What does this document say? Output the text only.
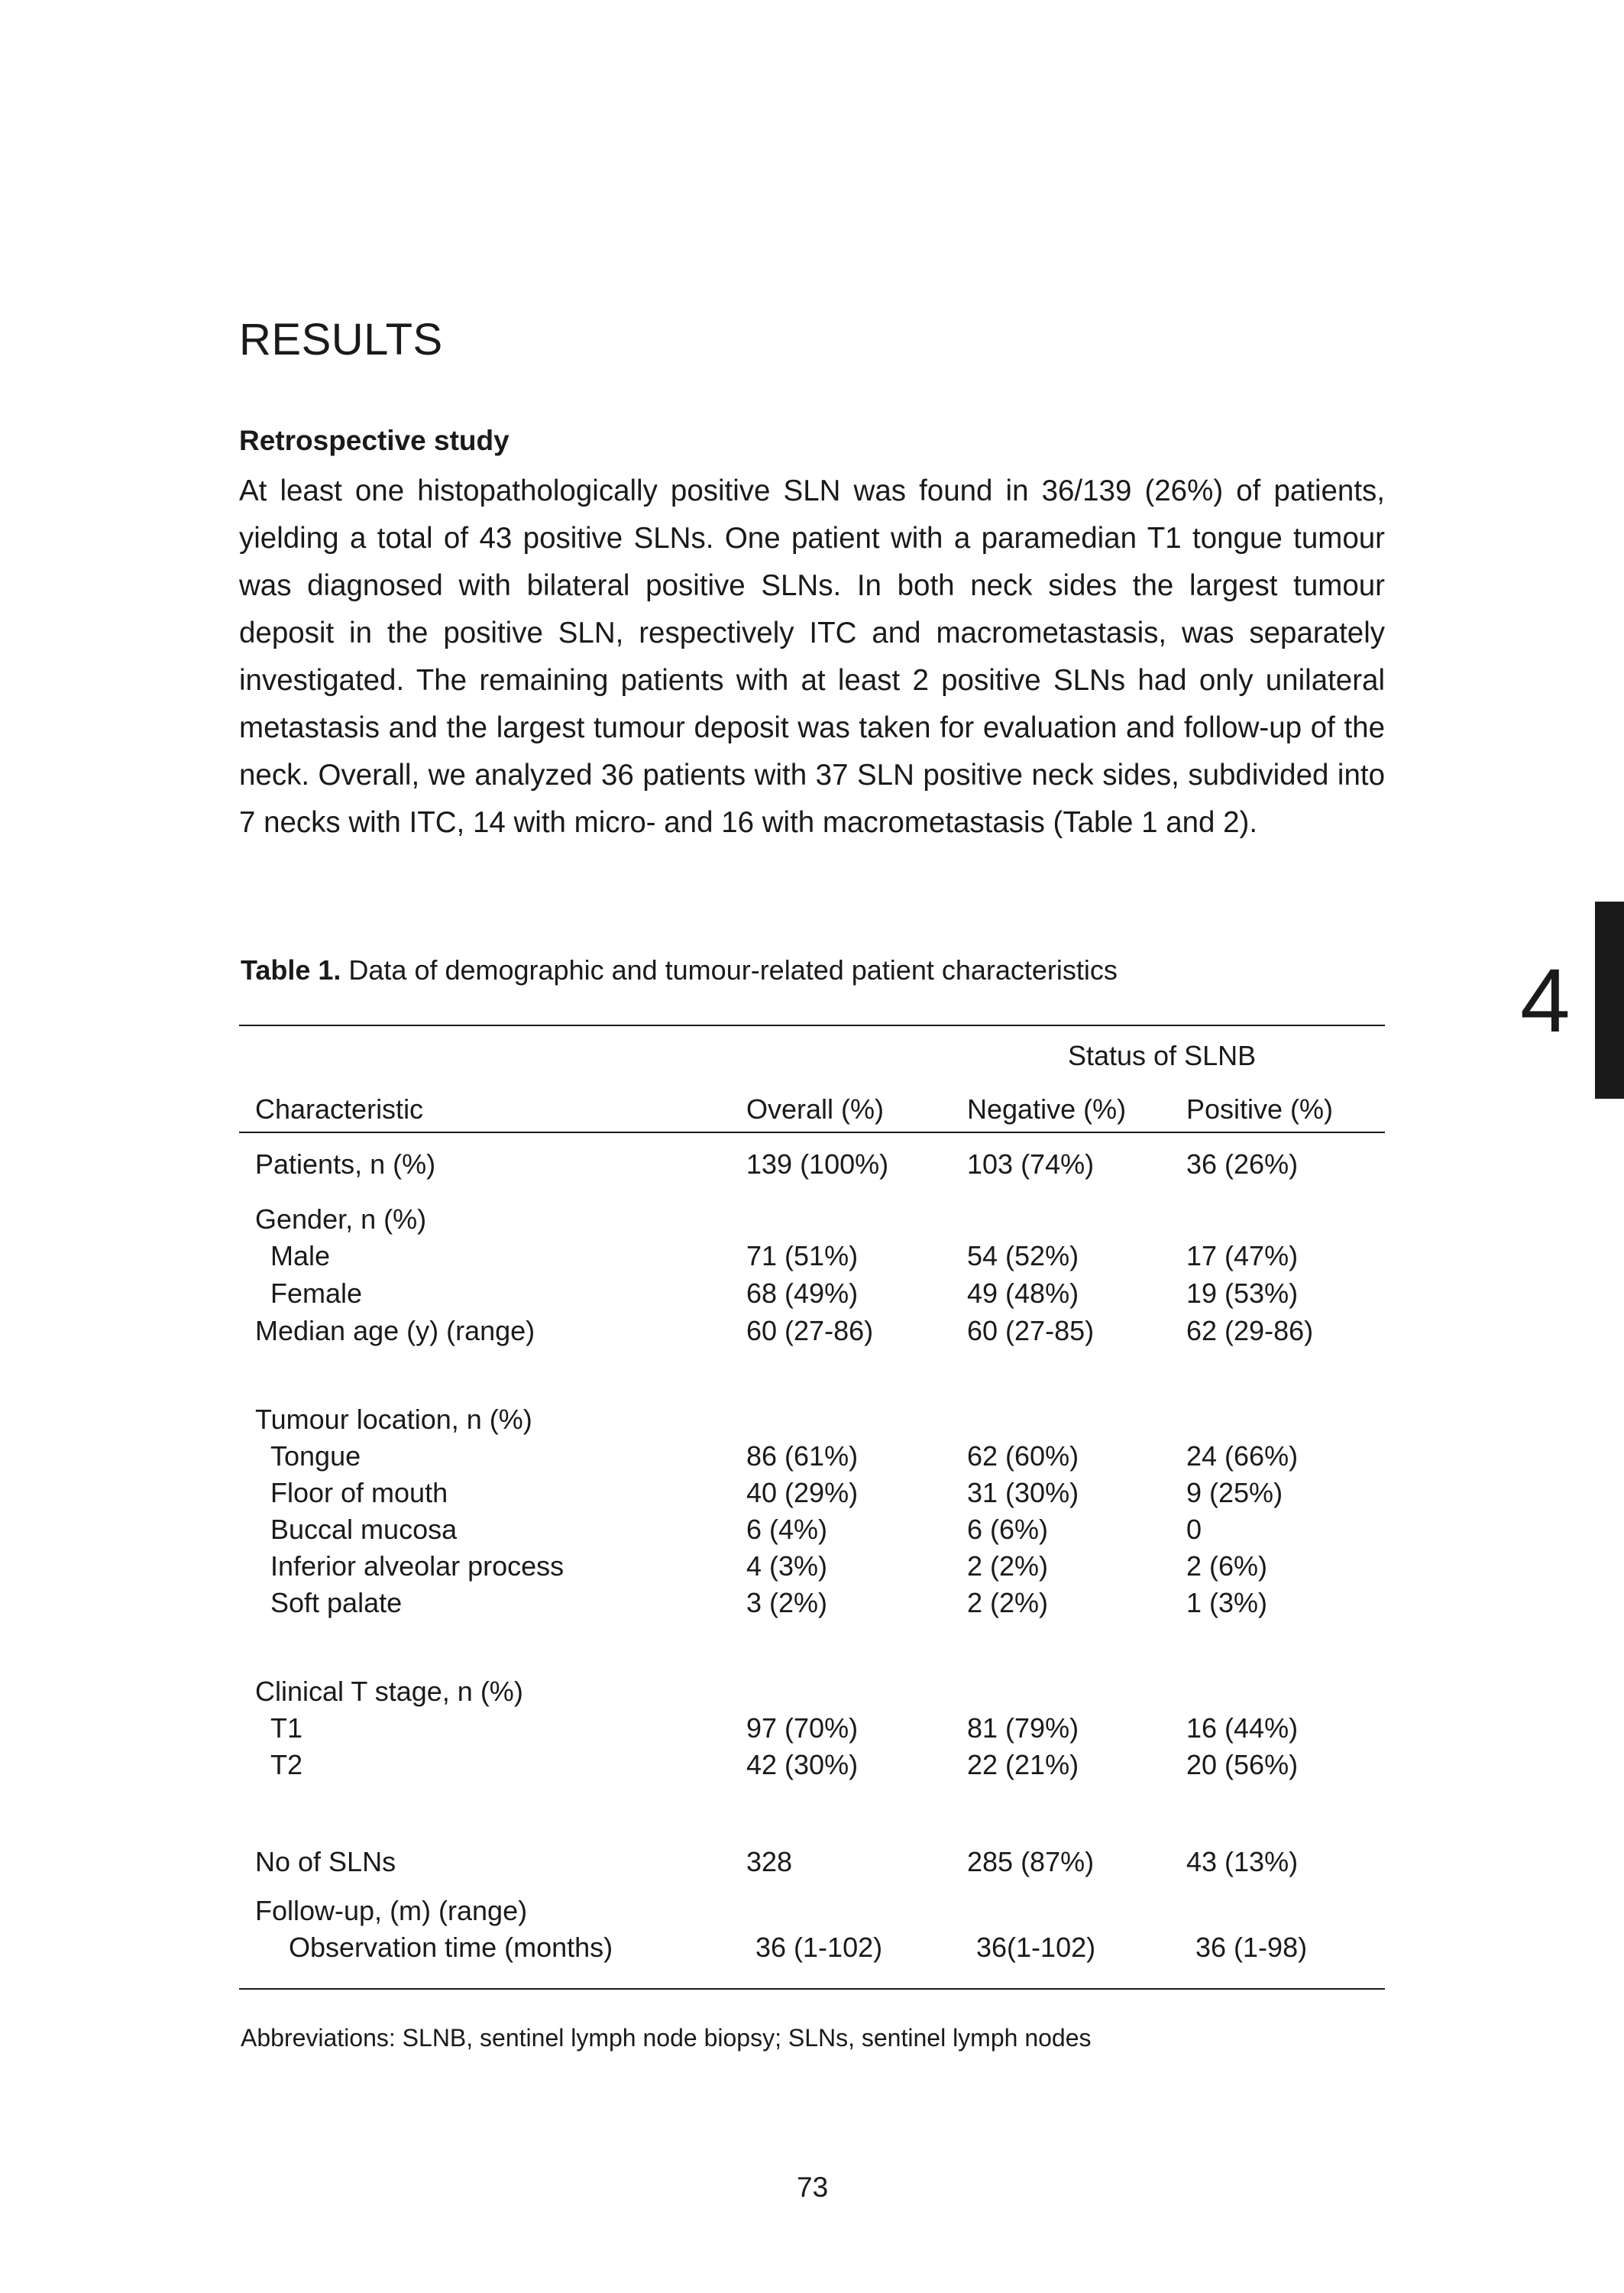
RESULTS
Retrospective study

At least one histopathologically positive SLN was found in 36/139 (26%) of patients, yielding a total of 43 positive SLNs. One patient with a paramedian T1 tongue tumour was diagnosed with bilateral positive SLNs. In both neck sides the largest tumour deposit in the positive SLN, respectively ITC and macrometastasis, was separately investigated. The remaining patients with at least 2 positive SLNs had only unilateral metastasis and the largest tumour deposit was taken for evaluation and follow-up of the neck. Overall, we analyzed 36 patients with 37 SLN positive neck sides, subdivided into 7 necks with ITC, 14 with micro- and 16 with macrometastasis (Table 1 and 2).

4
Table 1. Data of demographic and tumour-related patient characteristics
Status of SLNB
Characteristic	Overall (%)	Negative (%) Positive (%)
Patients, n (%)	139 (100%)	103 (74%)	36 (26%)
Gender, n (%)
Male	71 (51%)	54 (52%)	17 (47%)
Female	68 (49%)	49 (48%)	19 (53%)
Median age (y) (range)	60 (27-86)	60 (27-85)	62 (29-86)
Tumour location, n (%)
Tongue	86 (61%)	62 (60%)	24 (66%)
Floor of mouth	40 (29%)	31 (30%)	9 (25%)
Buccal mucosa	6 (4%)	6 (6%)	0
Inferior alveolar process	4 (3%)	2 (2%)	2 (6%)
Soft palate	3 (2%)	2 (2%)	1 (3%)
Clinical T stage, n (%)
T1	97 (70%)	81 (79%)	16 (44%)
T2	42 (30%)	22 (21%)	20 (56%)
No of SLNs	328	285 (87%)	43 (13%)
Follow-up, (m) (range)
Observation time (months)	36 (1-102)	36(1-102)	36 (1-98)
Abbreviations: SLNB, sentinel lymph node biopsy; SLNs, sentinel lymph nodes
73
